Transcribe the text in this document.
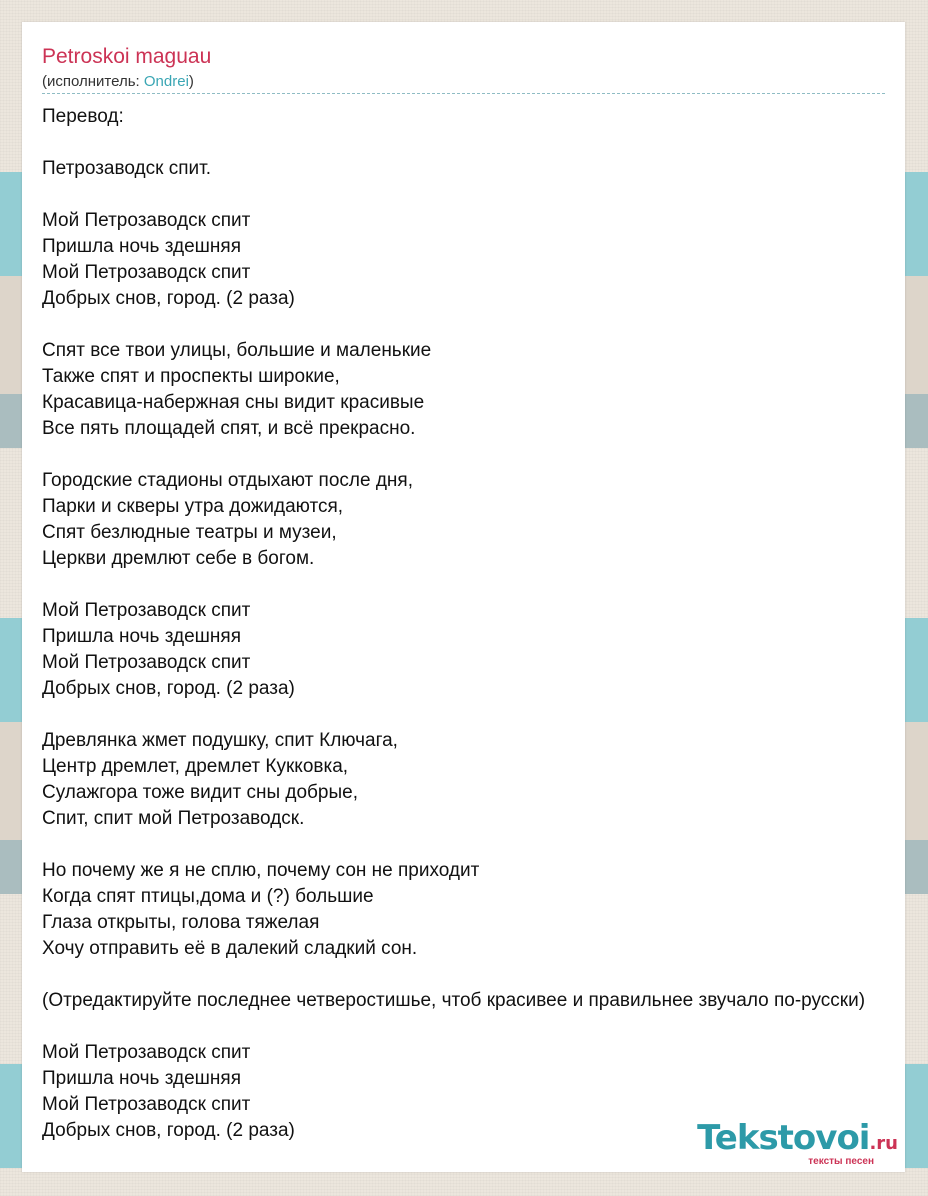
Petroskoi maguau
(исполнитель: Ondrei)
Перевод:

Петрозаводск спит.

Мой Петрозаводск спит
Пришла ночь здешняя
Мой Петрозаводск спит
Добрых снов, город. (2 раза)

Спят все твои улицы, большие и маленькие
Также спят и проспекты широкие,
Красавица-набержная сны видит красивые
Все пять площадей спят, и всё прекрасно.

Городские стадионы отдыхают после дня,
Парки и скверы утра дожидаются,
Спят безлюдные театры и музеи,
Церкви дремлют себе в богом.

Мой Петрозаводск спит
Пришла ночь здешняя
Мой Петрозаводск спит
Добрых снов, город. (2 раза)

Древлянка жмет подушку, спит Ключага,
Центр дремлет, дремлет Кукковка,
Сулажгора тоже видит сны добрые,
Спит, спит мой Петрозаводск.

Но почему же я не сплю, почему сон не приходит
Когда спят птицы,дома и (?) большие
Глаза открыты, голова тяжелая
Хочу отправить её в далекий сладкий сон.

(Отредактируйте последнее четверостишье, чтоб красивее и правильнее звучало по-русски)

Мой Петрозаводск спит
Пришла ночь здешняя
Мой Петрозаводск спит
Добрых снов, город. (2 раза)	Tekstovoi.ru
тексты песен
